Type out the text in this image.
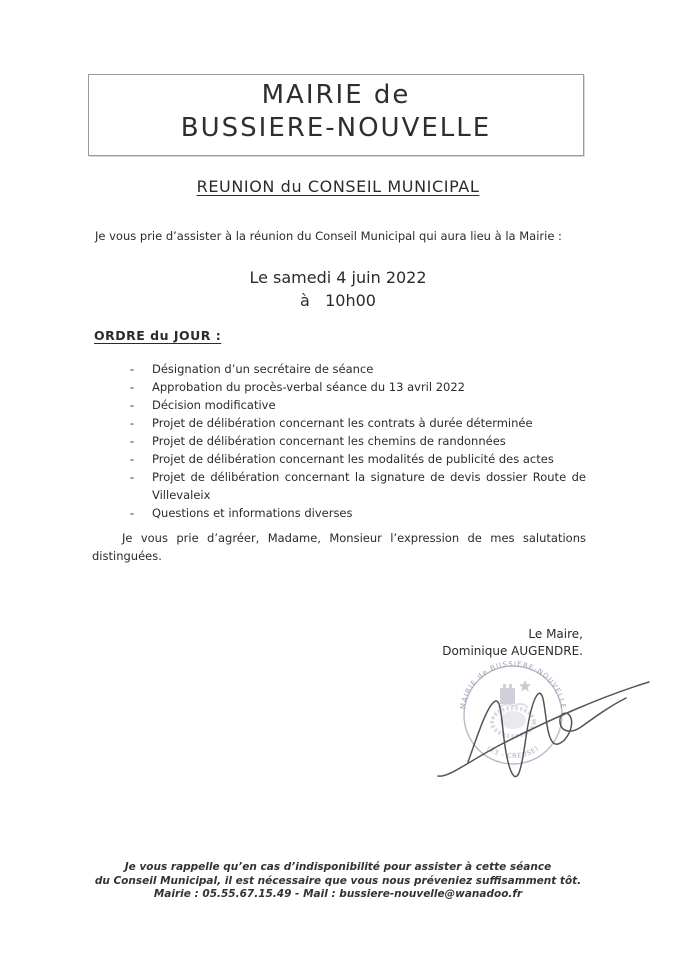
MAIRIE de
BUSSIERE-NOUVELLE
REUNION du CONSEIL MUNICIPAL
Je vous prie d’assister à la réunion du Conseil Municipal qui aura lieu à la Mairie :
Le samedi 4 juin 2022
à   10h00
ORDRE du JOUR :
-	Désignation d’un secrétaire de séance
-	Approbation du procès-verbal séance du 13 avril 2022
-	Décision modificative
-	Projet de délibération concernant les contrats à durée déterminée
-	Projet de délibération concernant les chemins de randonnées
-	Projet de délibération concernant les modalités de publicité des actes
-	Projet de délibération concernant la signature de devis dossier Route de Villevaleix
-	Questions et informations diverses
Je vous prie d’agréer, Madame, Monsieur l’expression de mes salutations distinguées.
Le Maire,
Dominique AUGENDRE.
MAIRIE de BUSSIERE-NOUVELLE
(23 - CREUSE)
Je vous rappelle qu’en cas d’indisponibilité pour assister à cette séance
du Conseil Municipal, il est nécessaire que vous nous préveniez suffisamment tôt.
Mairie : 05.55.67.15.49 - Mail : bussiere-nouvelle@wanadoo.fr
